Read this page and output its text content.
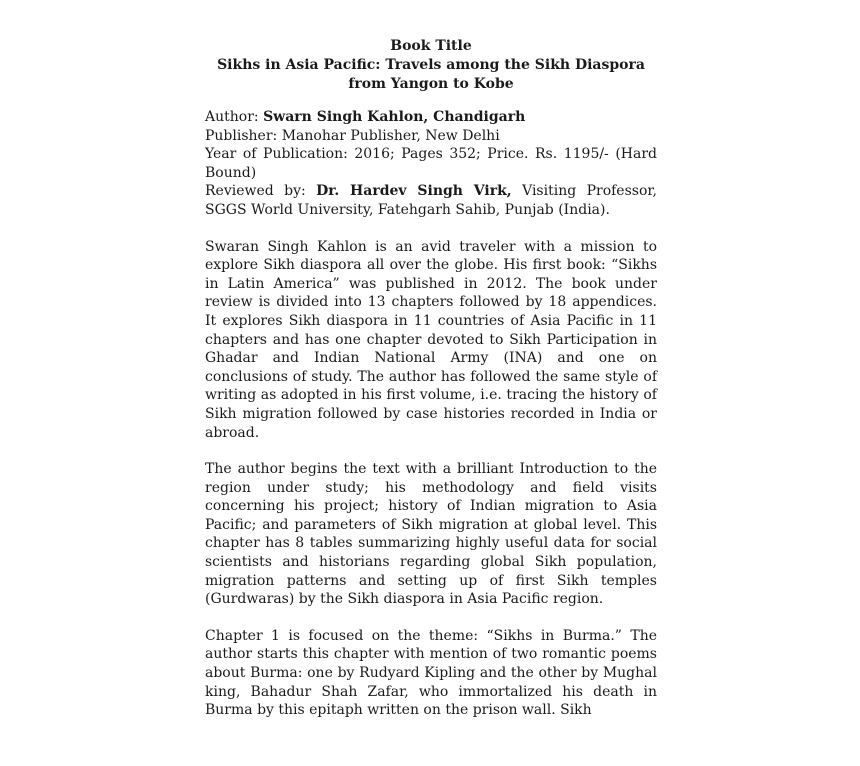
Book Title
Sikhs in Asia Pacific: Travels among the Sikh Diaspora
from Yangon to Kobe
Author: Swarn Singh Kahlon, Chandigarh
Publisher: Manohar Publisher, New Delhi
Year of Publication: 2016; Pages 352; Price. Rs. 1195/- (Hard Bound)
Reviewed by: Dr. Hardev Singh Virk, Visiting Professor, SGGS World University, Fatehgarh Sahib, Punjab (India).

Swaran Singh Kahlon is an avid traveler with a mission to explore Sikh diaspora all over the globe. His first book: “Sikhs in Latin America” was published in 2012. The book under review is divided into 13 chapters followed by 18 appendices. It explores Sikh diaspora in 11 countries of Asia Pacific in 11 chapters and has one chapter devoted to Sikh Participation in Ghadar and Indian National Army (INA) and one on conclusions of study. The author has followed the same style of writing as adopted in his first volume, i.e. tracing the history of Sikh migration followed by case histories recorded in India or abroad.

The author begins the text with a brilliant Introduction to the region under study; his methodology and field visits concerning his project; history of Indian migration to Asia Pacific; and parameters of Sikh migration at global level. This chapter has 8 tables summarizing highly useful data for social scientists and historians regarding global Sikh population, migration patterns and setting up of first Sikh temples (Gurdwaras) by the Sikh diaspora in Asia Pacific region.

Chapter 1 is focused on the theme: “Sikhs in Burma.” The author starts this chapter with mention of two romantic poems about Burma: one by Rudyard Kipling and the other by Mughal king, Bahadur Shah Zafar, who immortalized his death in Burma by this epitaph written on the prison wall. Sikh
